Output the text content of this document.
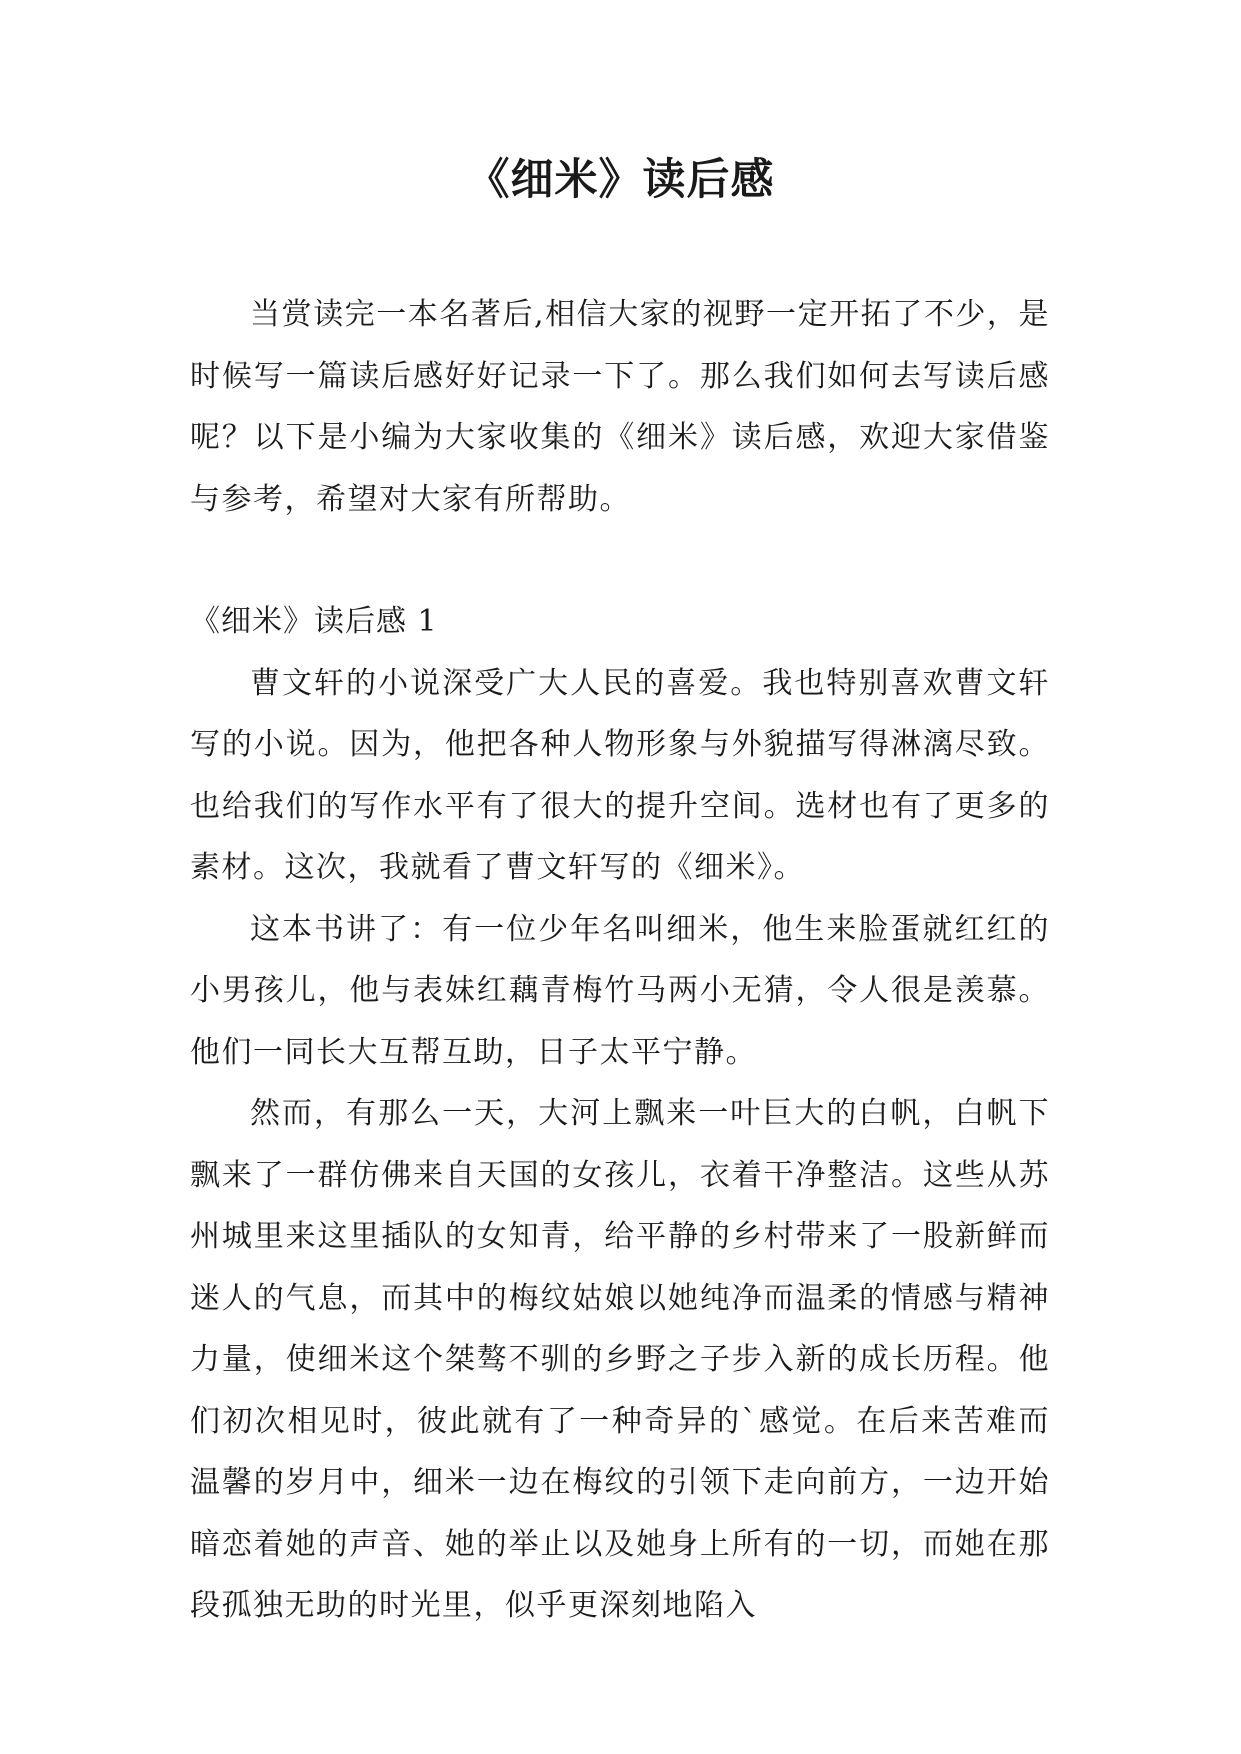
《细米》读后感

当赏读完一本名著后,相信大家的视野一定开拓了不少，是时候写一篇读后感好好记录一下了。那么我们如何去写读后感呢？以下是小编为大家收集的《细米》读后感，欢迎大家借鉴与参考，希望对大家有所帮助。

《细米》读后感 1

曹文轩的小说深受广大人民的喜爱。我也特别喜欢曹文轩写的小说。因为，他把各种人物形象与外貌描写得淋漓尽致。也给我们的写作水平有了很大的提升空间。选材也有了更多的素材。这次，我就看了曹文轩写的《细米》。

这本书讲了：有一位少年名叫细米，他生来脸蛋就红红的小男孩儿，他与表妹红藕青梅竹马两小无猜，令人很是羡慕。他们一同长大互帮互助，日子太平宁静。

然而，有那么一天，大河上飘来一叶巨大的白帆，白帆下飘来了一群仿佛来自天国的女孩儿，衣着干净整洁。这些从苏州城里来这里插队的女知青，给平静的乡村带来了一股新鲜而迷人的气息，而其中的梅纹姑娘以她纯净而温柔的情感与精神力量，使细米这个桀骜不驯的乡野之子步入新的成长历程。他们初次相见时，彼此就有了一种奇异的`感觉。在后来苦难而温馨的岁月中，细米一边在梅纹的引领下走向前方，一边开始暗恋着她的声音、她的举止以及她身上所有的一切，而她在那段孤独无助的时光里，似乎更深刻地陷入
